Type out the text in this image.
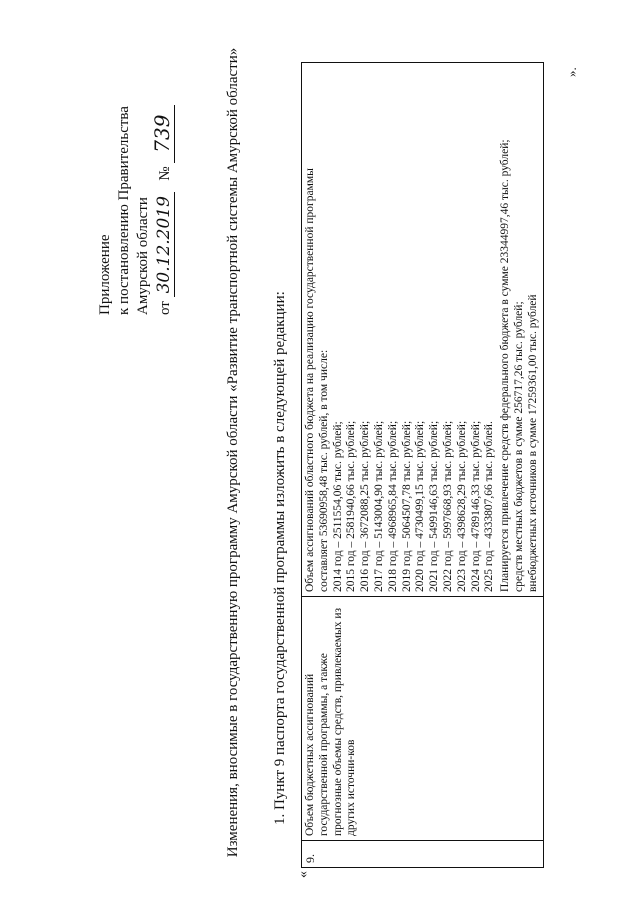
Приложение к постановлению Правительства Амурской области от 30.12.2019   № 739	Изменения, вносимые в государственную программу Амурской области «Развитие транспортной системы Амурской области» 1. Пункт 9 паспорта государственной программы изложить в следующей редакции:
«
9.	Объем бюджетных ассигнований государственной программы, а также прогнозные объемы средств, привлекаемых из других источни-ков	
Объем ассигнований областного бюджета на реализацию государственной программы составляет 53690958,48 тыс. рублей, в том числе: 2014 год – 2511554,06 тыс. рублей; 2015 год – 2581940,66 тыс. рублей; 2016 год – 3672088,25 тыс. рублей; 2017 год – 5143004,90 тыс. рублей; 2018 год – 4968965,84 тыс. рублей; 2019 год – 5064507,78 тыс. рублей; 2020 год – 4730499,15 тыс. рублей; 2021 год – 5499146,63 тыс. рублей; 2022 год – 5997668,93 тыс. рублей; 2023 год – 4398628,29 тыс. рублей; 2024 год – 4789146,33 тыс. рублей; 2025 год – 4333807,66 тыс. рублей. Планируется привлечение средств федерального бюджета в сумме 23344997,46 тыс. рублей; средств местных бюджетов в сумме 256717,26 тыс. рублей; внебюджетных источников в сумме 17259361,00 тыс. рублей
».
